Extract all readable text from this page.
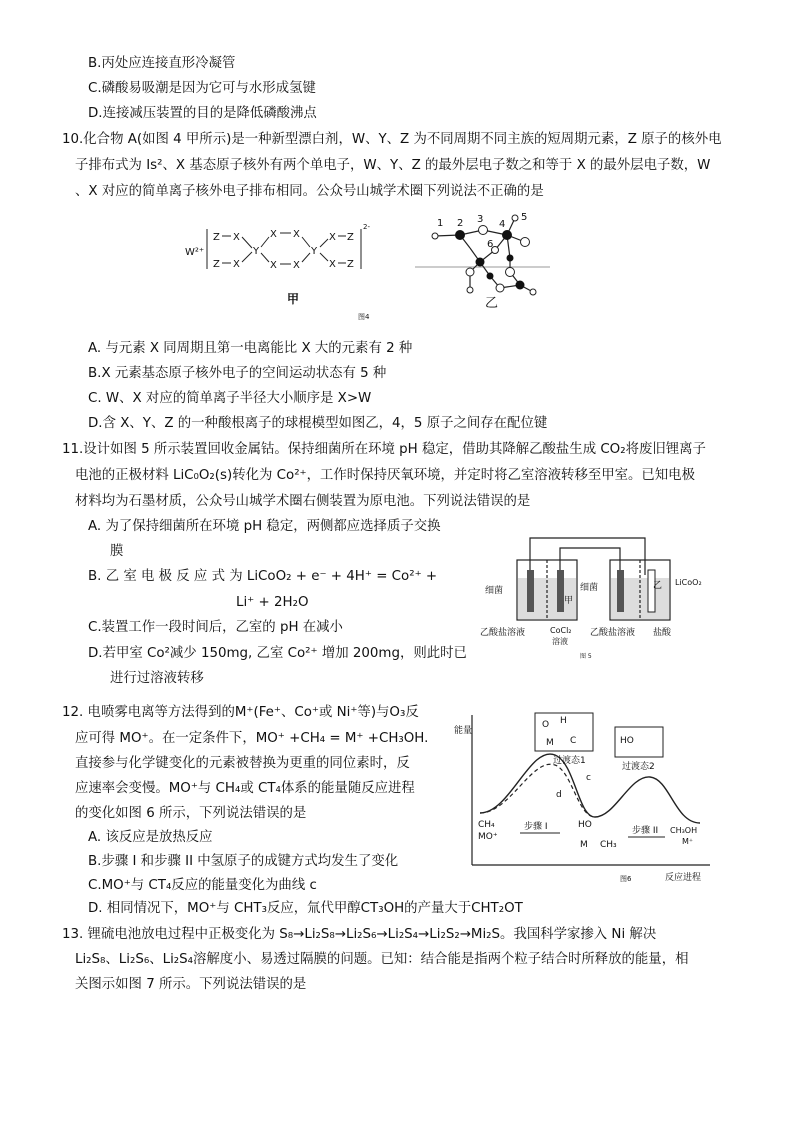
B.丙处应连接直形冷凝管
C.磷酸易吸潮是因为它可与水形成氢键
D.连接减压装置的目的是降低磷酸沸点
10.化合物 A(如图 4 甲所示)是一种新型漂白剂，W、Y、Z 为不同周期不同主族的短周期元素，Z 原子的核外电
子排布式为 Is²、X 基态原子核外有两个单电子，W、Y、Z 的最外层电子数之和等于 X 的最外层电子数，W
、X 对应的简单离子核外电子排布相同。公众号山城学术圈下列说法不正确的是
W²⁺
Z X
Z X
Y
X X
X X
Y
X Z
X Z
2-
甲
1 2 3 4
5
6
乙
图4
A. 与元素 X 同周期且第一电离能比 X 大的元素有 2 种
B.X 元素基态原子核外电子的空间运动状态有 5 种
C. W、X 对应的简单离子半径大小顺序是 X>W
D.含 X、Y、Z 的一种酸根离子的球棍模型如图乙，4，5 原子之间存在配位键
11.设计如图 5 所示装置回收金属钴。保持细菌所在环境 pH 稳定，借助其降解乙酸盐生成 CO₂将废旧锂离子
电池的正极材料 LiC₀O₂(s)转化为 Co²⁺，工作时保持厌氧环境，并定时将乙室溶液转移至甲室。已知电极
材料均为石墨材质，公众号山城学术圈右侧装置为原电池。下列说法错误的是
A. 为了保持细菌所在环境 pH 稳定，两侧都应选择质子交换
膜
B. 乙 室 电 极 反 应 式 为 LiCoO₂ + e⁻ + 4H⁺ = Co²⁺ +
Li⁺ + 2H₂O
C.装置工作一段时间后，乙室的 pH 在减小
D.若甲室 Co²减少 150mg, 乙室 Co²⁺ 增加 200mg，则此时已
进行过溶液转移
细菌
甲
细菌	乙 LiCoO₂
乙酸盐溶液	CoCl₂
溶液
乙酸盐溶液 盐酸
图 5
12. 电喷雾电离等方法得到的M⁺(Fe⁺、Co⁺或 Ni⁺等)与O₃反
应可得 MO⁺。在一定条件下，MO⁺ +CH₄ = M⁺ +CH₃OH.
直接参与化学键变化的元素被替换为更重的同位素时，反
应速率会变慢。MO⁺与 CH₄或 CT₄体系的能量随反应进程
的变化如图 6 所示，下列说法错误的是
A. 该反应是放热反应
B.步骤 I 和步骤 II 中氢原子的成键方式均发生了变化
C.MO⁺与 CT₄反应的能量变化为曲线 c
D. 相同情况下，MO⁺与 CHT₃反应，氚代甲醇CT₃OH的产量大于CHT₂OT
能量
反应进程
O H
M C
过渡态1
HO
过渡态2
c
d
CH₄
MO⁺
步骤 I	HO
M CH₃
步骤 II CH₃OH
M⁺
图6
13. 锂硫电池放电过程中正极变化为 S₈→Li₂S₈→Li₂S₆→Li₂S₄→Li₂S₂→Mi₂S。我国科学家掺入 Ni 解决
Li₂S₈、Li₂S₆、Li₂S₄溶解度小、易透过隔膜的问题。已知：结合能是指两个粒子结合时所释放的能量，相
关图示如图 7 所示。下列说法错误的是
